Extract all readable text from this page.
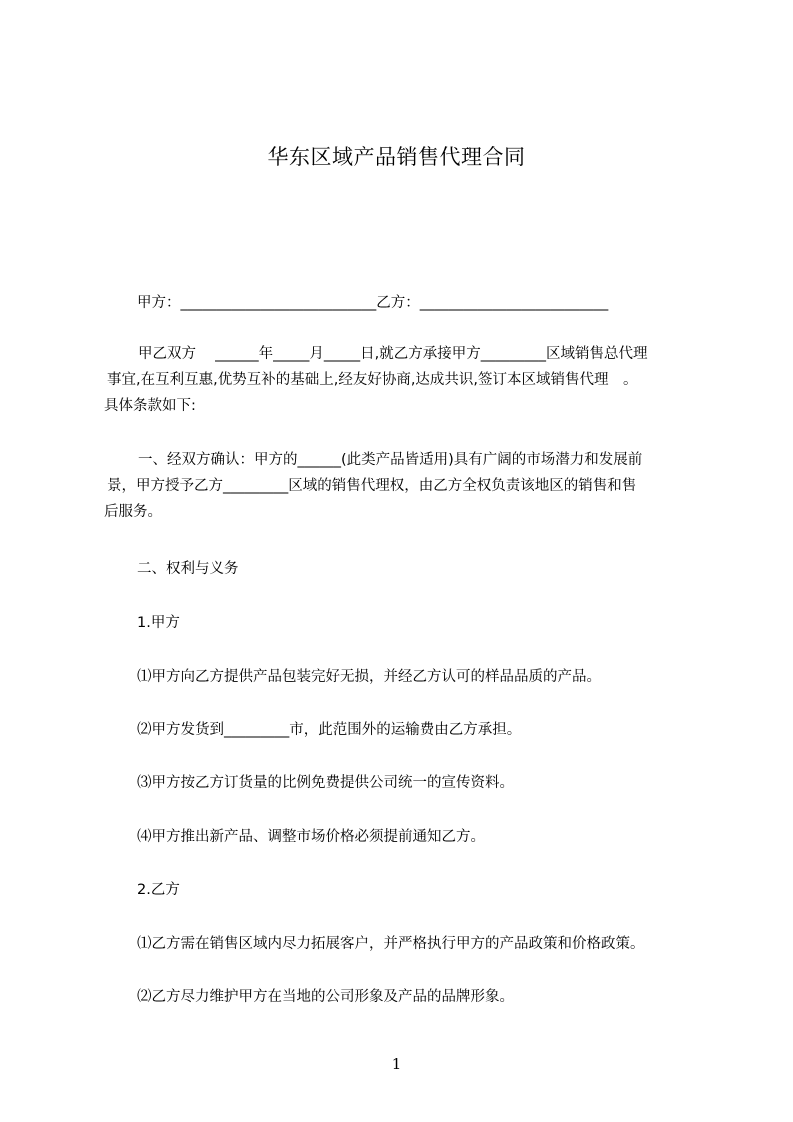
华东区域产品销售代理合同
甲方：___________________________乙方：__________________________
甲乙双方　 ______年_____月_____日,就乙方承接甲方_________区域销售总代理
事宜,在互利互惠,优势互补的基础上,经友好协商,达成共识,签订本区域销售代理　。
具体条款如下:
一、经双方确认：甲方的______(此类产品皆适用)具有广阔的市场潜力和发展前
景，甲方授予乙方_________区域的销售代理权，由乙方全权负责该地区的销售和售
后服务。
二、权利与义务
1.甲方
⑴甲方向乙方提供产品包装完好无损，并经乙方认可的样品品质的产品。
⑵甲方发货到_________市，此范围外的运输费由乙方承担。
⑶甲方按乙方订货量的比例免费提供公司统一的宣传资料。
⑷甲方推出新产品、调整市场价格必须提前通知乙方。
2.乙方
⑴乙方需在销售区域内尽力拓展客户，并严格执行甲方的产品政策和价格政策。
⑵乙方尽力维护甲方在当地的公司形象及产品的品牌形象。
1
